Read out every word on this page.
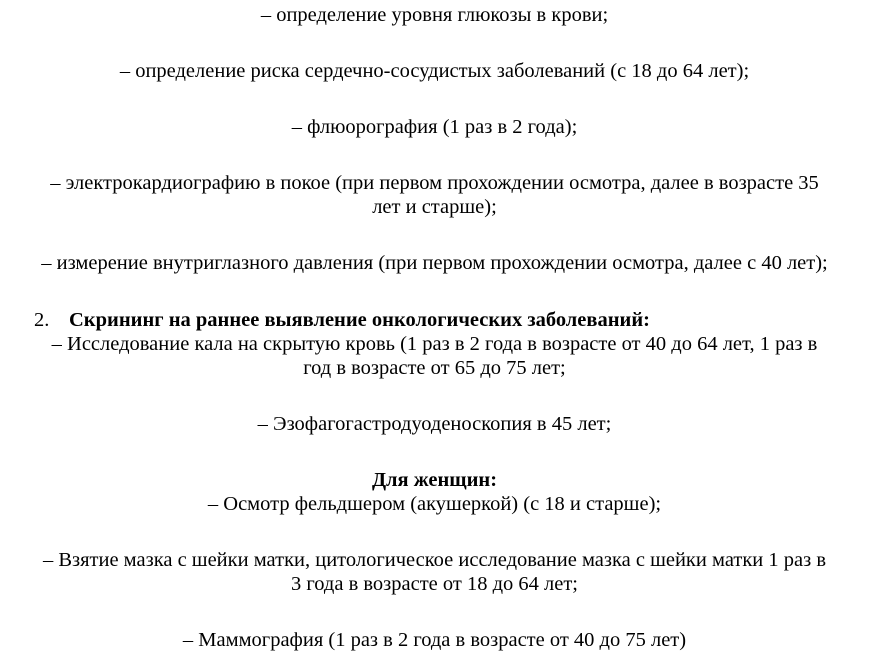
– определение уровня глюкозы в крови;
– определение риска сердечно-сосудистых заболеваний (с 18 до 64 лет);
– флюорография (1 раз в 2 года);
– электрокардиографию в покое (при первом прохождении осмотра, далее в возрасте 35
лет и старше);
– измерение внутриглазного давления (при первом прохождении осмотра, далее с 40 лет);
2. Скрининг на раннее выявление онкологических заболеваний:
– Исследование кала на скрытую кровь (1 раз в 2 года в возрасте от 40 до 64 лет, 1 раз в
год в возрасте от 65 до 75 лет;
– Эзофагогастродуоденоскопия в 45 лет;
Для женщин:
– Осмотр фельдшером (акушеркой) (с 18 и старше);
– Взятие мазка с шейки матки, цитологическое исследование мазка с шейки матки 1 раз в
3 года в возрасте от 18 до 64 лет;
– Маммография (1 раз в 2 года в возрасте от 40 до 75 лет)
